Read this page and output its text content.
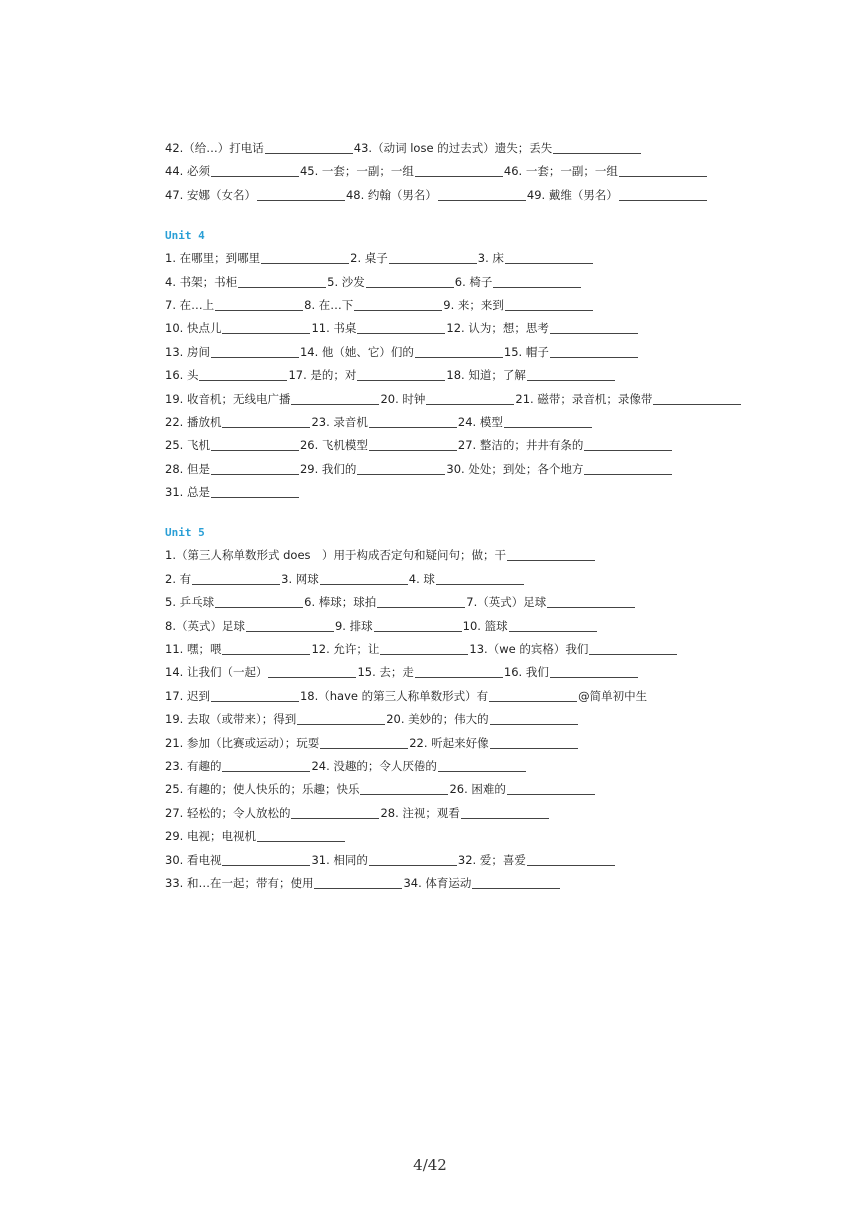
42.（给…）打电话	43.（动词 lose 的过去式）遗失；丢失
44. 必须	45. 一套；一副；一组	46. 一套；一副；一组
47. 安娜（女名）	48. 约翰（男名）	49. 戴维（男名）
Unit 4
1. 在哪里；到哪里	2. 桌子	3. 床
4. 书架；书柜	5. 沙发	6. 椅子
7. 在…上	8. 在…下	9. 来；来到
10. 快点儿	11. 书桌	12. 认为；想；思考
13. 房间	14. 他（她、它）们的	15. 帽子
16. 头	17. 是的；对	18. 知道；了解
19. 收音机；无线电广播	20. 时钟	21. 磁带；录音机；录像带
22. 播放机	23. 录音机	24. 模型
25. 飞机	26. 飞机模型	27. 整洁的；井井有条的
28. 但是	29. 我们的	30. 处处；到处；各个地方
31. 总是
Unit 5
1.（第三人称单数形式 does　）用于构成否定句和疑问句；做；干
2. 有	3. 网球	4. 球
5. 乒乓球	6. 棒球；球拍	7.（英式）足球
8.（英式）足球	9. 排球	10. 篮球
11. 嘿；喂	12. 允许；让	13.（we 的宾格）我们
14. 让我们（一起）	15. 去；走	16. 我们
17. 迟到	18.（have 的第三人称单数形式）有	@简单初中生
19. 去取（或带来）；得到	20. 美妙的；伟大的
21. 参加（比赛或运动）；玩耍	22. 听起来好像
23. 有趣的	24. 没趣的；令人厌倦的
25. 有趣的；使人快乐的；乐趣；快乐	26. 困难的
27. 轻松的；令人放松的	28. 注视；观看
29. 电视；电视机
30. 看电视	31. 相同的	32. 爱；喜爱
33. 和…在一起；带有；使用	34. 体育运动
4/42
